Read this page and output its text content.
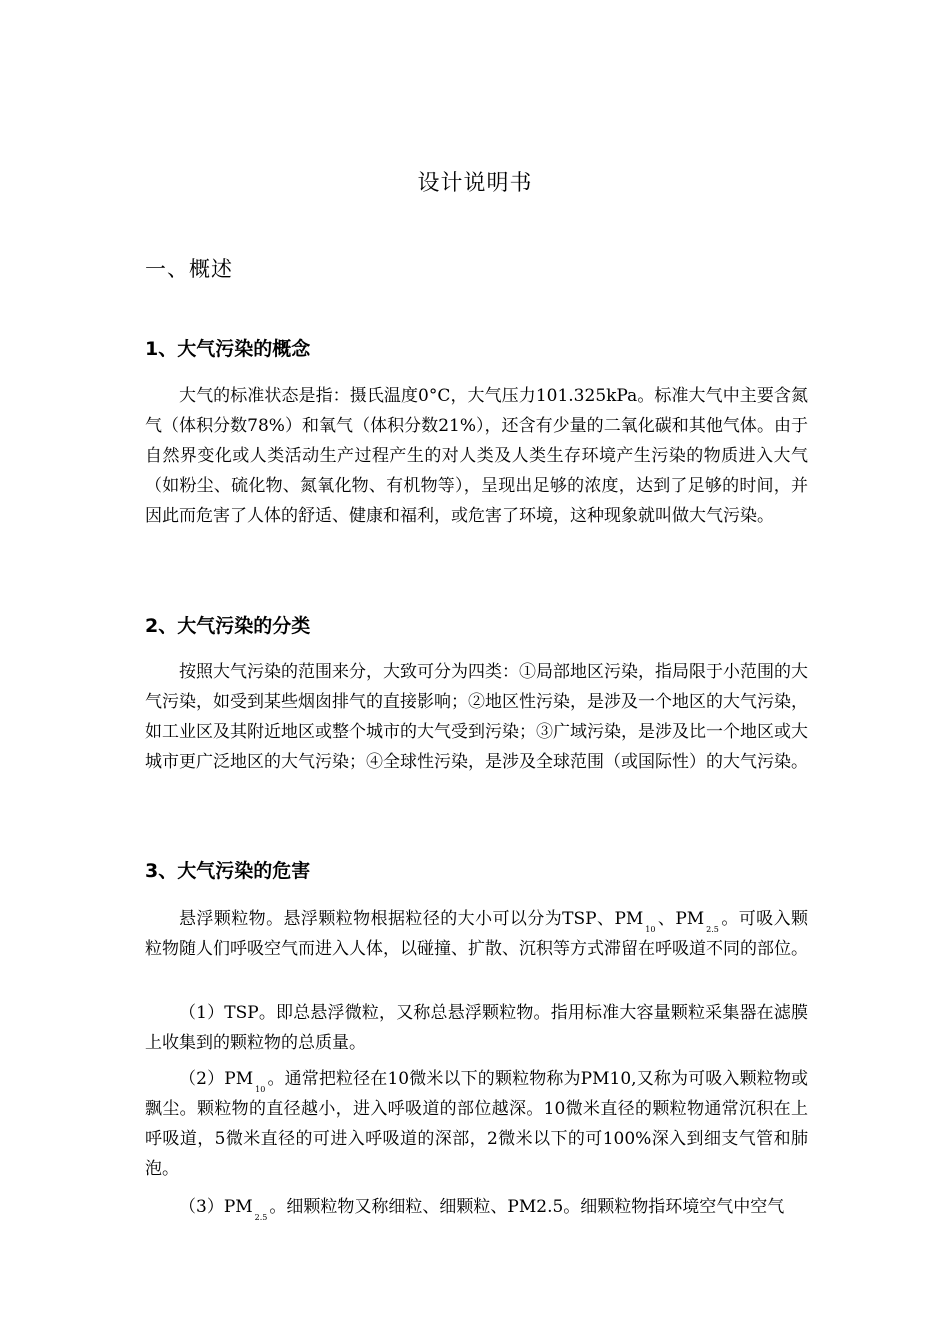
设计说明书
一、概述
1、大气污染的概念

大气的标准状态是指：摄氏温度0°C，大气压力101.325kPa。标准大气中主要含氮气（体积分数78%）和氧气（体积分数21%），还含有少量的二氧化碳和其他气体。由于自然界变化或人类活动生产过程产生的对人类及人类生存环境产生污染的物质进入大气（如粉尘、硫化物、氮氧化物、有机物等），呈现出足够的浓度，达到了足够的时间，并因此而危害了人体的舒适、健康和福利，或危害了环境，这种现象就叫做大气污染。

2、大气污染的分类

按照大气污染的范围来分，大致可分为四类：①局部地区污染，指局限于小范围的大气污染，如受到某些烟囱排气的直接影响；②地区性污染，是涉及一个地区的大气污染，如工业区及其附近地区或整个城市的大气受到污染；③广域污染，是涉及比一个地区或大城市更广泛地区的大气污染；④全球性污染，是涉及全球范围（或国际性）的大气污染。

3、大气污染的危害

悬浮颗粒物。悬浮颗粒物根据粒径的大小可以分为TSP、$PM_{10}$、$PM_{2.5}$。可吸入颗粒物随人们呼吸空气而进入人体，以碰撞、扩散、沉积等方式滞留在呼吸道不同的部位。

（1）TSP。即总悬浮微粒，又称总悬浮颗粒物。指用标准大容量颗粒采集器在滤膜上收集到的颗粒物的总质量。

$(2)PM_{10}$。通常把粒径在10微米以下的颗粒物称为PM10,又称为可吸入颗粒物或飘尘。颗粒物的直径越小，进入呼吸道的部位越深。10微米直径的颗粒物通常沉积在上呼吸道，5微米直径的可进入呼吸道的深部，2微米以下的可100%深入到细支气管和肺泡。

$(3)PM_{2.5}$。细颗粒物又称细粒、细颗粒、PM2.5。细颗粒物指环境空气中空气
